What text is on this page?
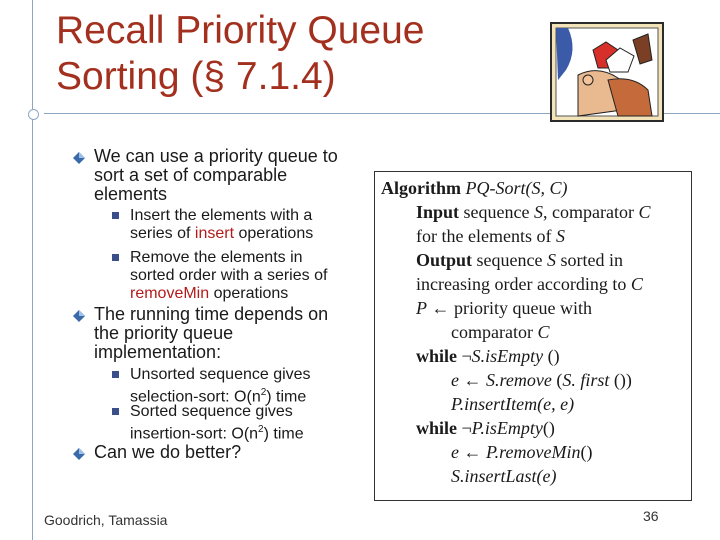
Recall Priority Queue
Sorting (§ 7.1.4)
We can use a priority queue to sort a set of comparable elements
Insert the elements with a series of insert operations
Remove the elements in sorted order with a series of removeMin operations
The running time depends on the priority queue implementation:
Unsorted sequence gives selection-sort: $O(n^2)$ time
Sorted sequence gives insertion-sort: $O(n^2)$ time
Can we do better?
Algorithm PQ-Sort(S, C)
Input sequence S, comparator C
for the elements of S
Output sequence S sorted in
increasing order according to C
P ← priority queue with
comparator C
while ¬S.isEmpty ()
e ← S.remove (S. first ())
P.insertItem(e, e)
while ¬P.isEmpty()
e ← P.removeMin()
S.insertLast(e)
Goodrich, Tamassia	36
